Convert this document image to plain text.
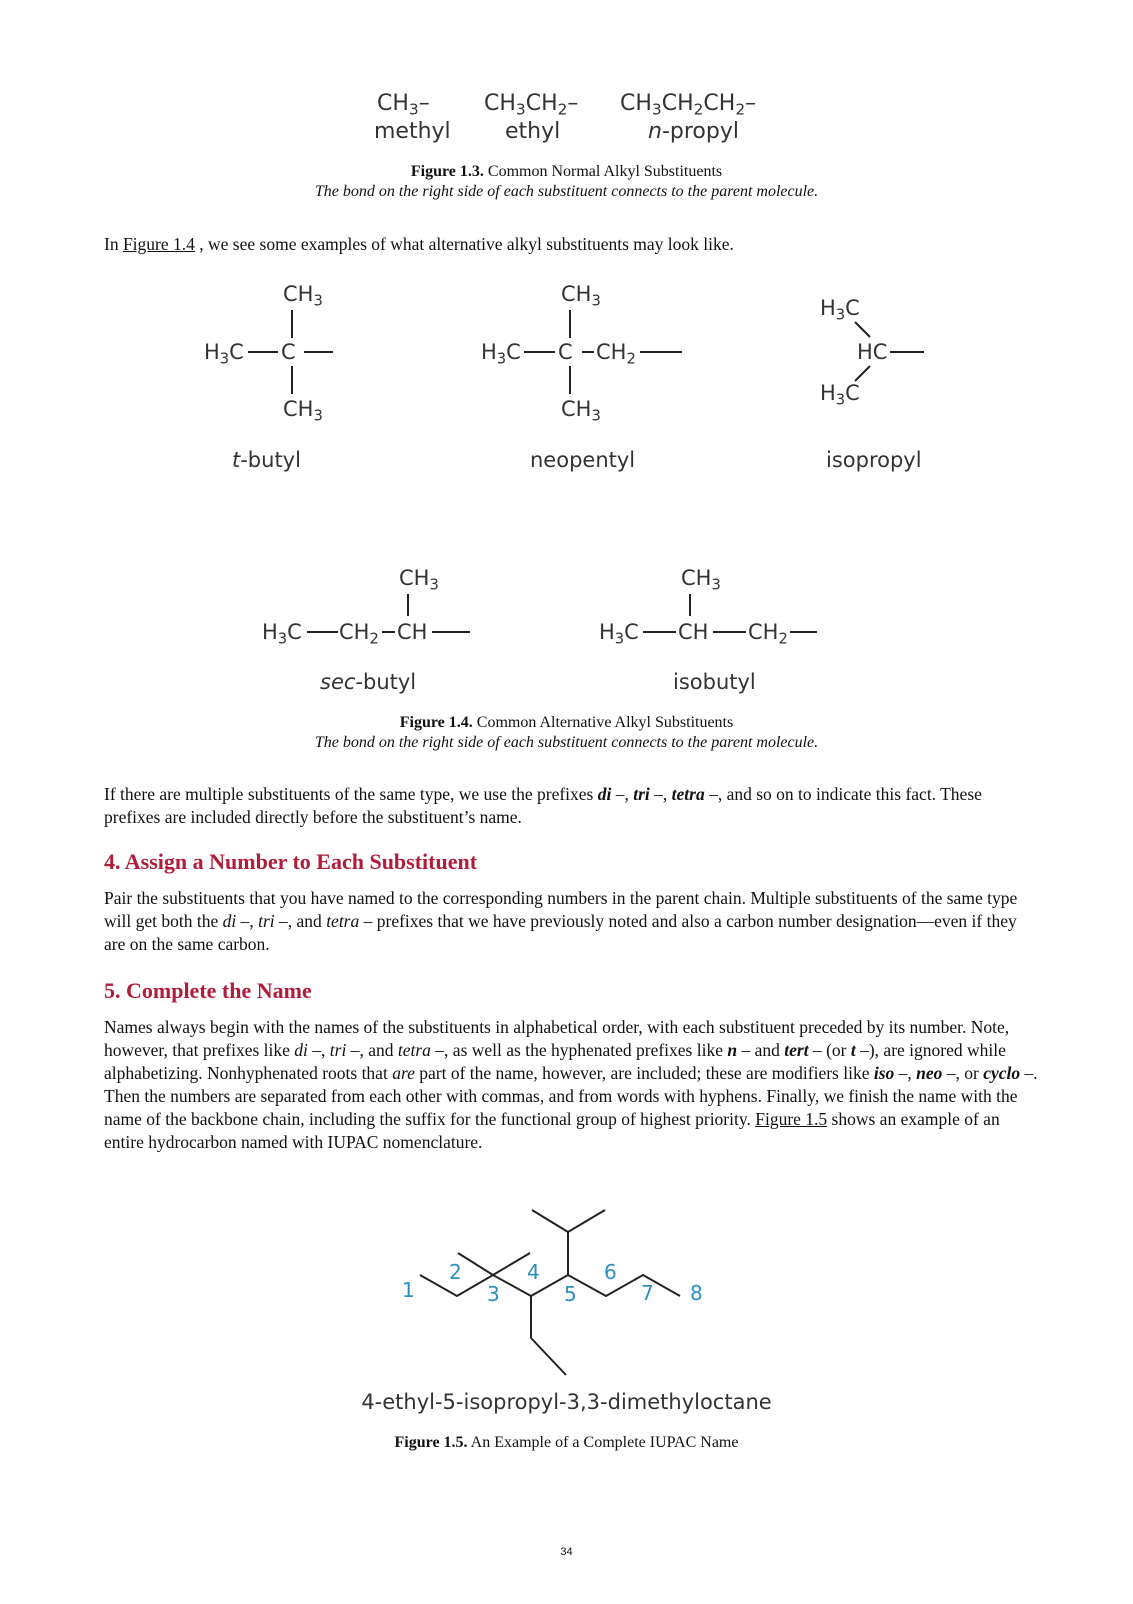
$CH_3-$
methyl
$CH_3CH_2-$
ethyl
$CH_3CH_2CH_2-$
n-propyl
Figure 1.3. Common Normal Alkyl Substituents
The bond on the right side of each substituent connects to the parent molecule.

In Figure 1.4 , we see some examples of what alternative alkyl substituents may look like.

$CH_3$
$H_3C$ C
$CH_3$
t-butyl
$CH_3$
$H_3C$ C $CH_2$
$CH_3$
neopentyl
$H_3C$
HC
$H_3C$
isopropyl
$CH_3$
$H_3C$ $CH_2$ CH
sec-butyl
$CH_3$
$H_3C$ CH $CH_2$
isobutyl
Figure 1.4. Common Alternative Alkyl Substituents
The bond on the right side of each substituent connects to the parent molecule.

If there are multiple substituents of the same type, we use the prefixes di –, tri –, tetra –, and so on to indicate this fact. These prefixes are included directly before the substituent’s name.

4. Assign a Number to Each Substituent

Pair the substituents that you have named to the corresponding numbers in the parent chain. Multiple substituents of the same type will get both the di –, tri –, and tetra – prefixes that we have previously noted and also a carbon number designation—even if they are on the same carbon.

5. Complete the Name

Names always begin with the names of the substituents in alphabetical order, with each substituent preceded by its number. Note, however, that prefixes like di –, tri –, and tetra –, as well as the hyphenated prefixes like n – and tert – (or t –), are ignored while alphabetizing. Nonhyphenated roots that are part of the name, however, are included; these are modifiers like iso –, neo –, or cyclo –. Then the numbers are separated from each other with commas, and from words with hyphens. Finally, we finish the name with the name of the backbone chain, including the suffix for the functional group of highest priority. Figure 1.5 shows an example of an entire hydrocarbon named with IUPAC nomenclature.

1
2
3
4
5
6
7 8
4-ethyl-5-isopropyl-3,3-dimethyloctane
Figure 1.5. An Example of a Complete IUPAC Name
34
